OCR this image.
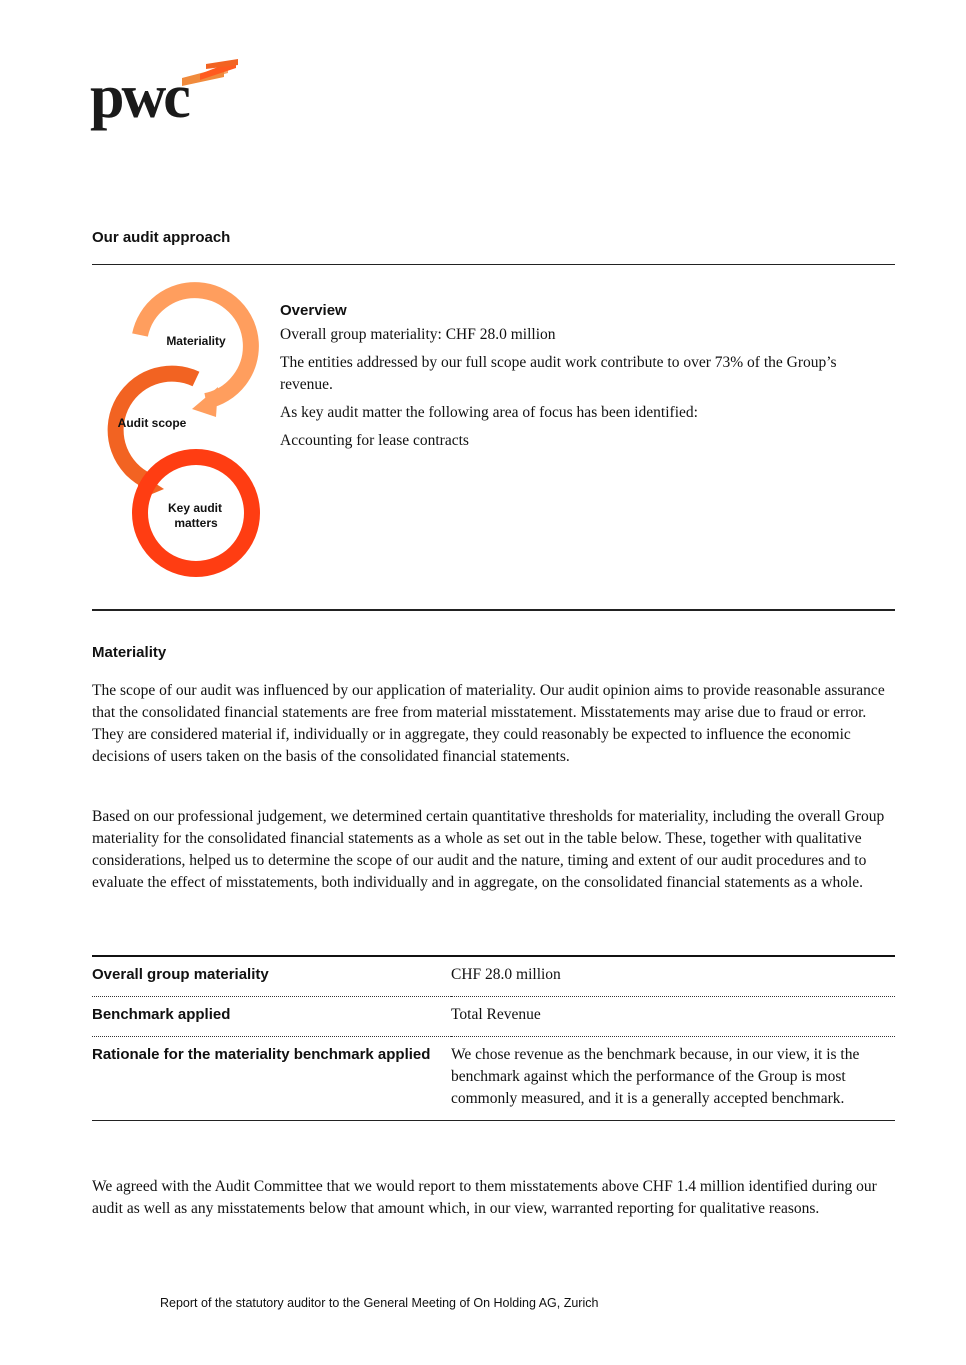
pwc
Our audit approach
Materiality
Audit scope
Key audit
matters
Overview

Overall group materiality: CHF 28.0 million

The entities addressed by our full scope audit work contribute to over 73% of the Group’s revenue.

As key audit matter the following area of focus has been identified:

Accounting for lease contracts

Materiality

The scope of our audit was influenced by our application of materiality. Our audit opinion aims to provide reasonable assurance that the consolidated financial statements are free from material misstatement. Misstatements may arise due to fraud or error. They are considered material if, individually or in aggregate, they could reasonably be expected to influence the economic decisions of users taken on the basis of the consolidated financial statements.

Based on our professional judgement, we determined certain quantitative thresholds for materiality, including the overall Group materiality for the consolidated financial statements as a whole as set out in the table below. These, together with qualitative considerations, helped us to determine the scope of our audit and the nature, timing and extent of our audit procedures and to evaluate the effect of misstatements, both individually and in aggregate, on the consolidated financial statements as a whole.

Overall group materiality	CHF 28.0 million
Benchmark applied	Total Revenue
Rationale for the materiality benchmark applied	We chose revenue as the benchmark because, in our view, it is the benchmark against which the performance of the Group is most commonly measured, and it is a generally accepted benchmark.

We agreed with the Audit Committee that we would report to them misstatements above CHF 1.4 million identified during our audit as well as any misstatements below that amount which, in our view, warranted reporting for qualitative reasons.

Report of the statutory auditor to the General Meeting of On Holding AG, Zurich
